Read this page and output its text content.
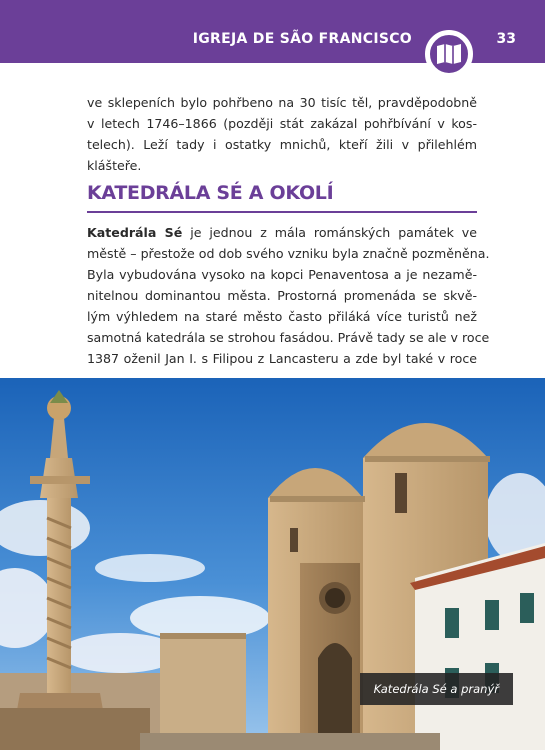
IGREJA DE SÃO FRANCISCO	33
ve sklepeních bylo pohřbeno na 30 tisíc těl, pravděpodobně
v letech 1746–1866 (později stát zakázal pohřbívání v kos-
telech). Leží tady i ostatky mnichů, kteří žili v přilehlém
klášteře.
KATEDRÁLA SÉ A OKOLÍ
Katedrála Sé je jednou z mála románských památek ve
městě – přestože od dob svého vzniku byla značně pozměněna.
Byla vybudována vysoko na kopci Penaventosa a je nezamě-
nitelnou dominantou města. Prostorná promenáda se skvě-
lým výhledem na staré město často přiláká více turistů než
samotná katedrála se strohou fasádou. Právě tady se ale v roce
1387 oženil Jan I. s Filipou z Lancasteru a zde byl také v roce
Katedrála Sé a pranýř
